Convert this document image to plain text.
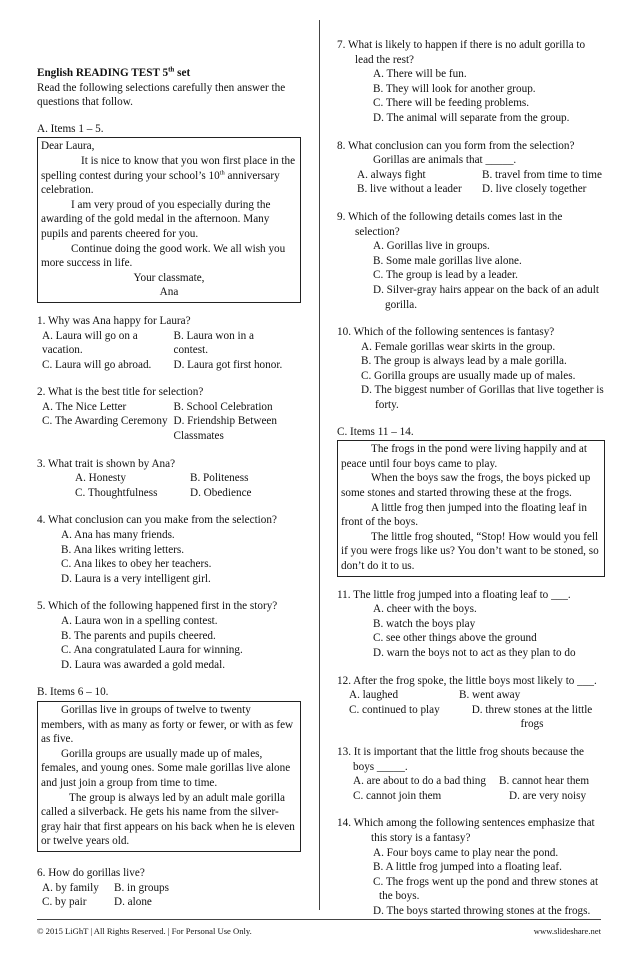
English READING TEST 5th set
Read the following selections carefully then answer the questions that follow.
A. Items 1 – 5.

Dear Laura,

It is nice to know that you won first place in the spelling contest during your school’s 10th anniversary celebration.

I am very proud of you especially during the awarding of the gold medal in the afternoon. Many pupils and parents cheered for you.

Continue doing the good work. We all wish you more success in life.

Your classmate,

Ana

1. Why was Ana happy for Laura?
A. Laura will go on a vacation.
B. Laura won in a contest.
C. Laura will go abroad.	D. Laura got first honor.
2. What is the best title for selection?
A. The Nice Letter	B. School Celebration
C. The Awarding Ceremony D. Friendship Between Classmates
3. What trait is shown by Ana?
A. Honesty	B. Politeness
C. Thoughtfulness	D. Obedience
4. What conclusion can you make from the selection?
A. Ana has many friends.
B. Ana likes writing letters.
C. Ana likes to obey her teachers.
D. Laura is a very intelligent girl.
5. Which of the following happened first in the story?
A. Laura won in a spelling contest.
B. The parents and pupils cheered.
C. Ana congratulated Laura for winning.
D. Laura was awarded a gold medal.
B. Items 6 – 10.

Gorillas live in groups of twelve to twenty members, with as many as forty or fewer, or with as few as five.

Gorilla groups are usually made up of males, females, and young ones. Some male gorillas live alone and just join a group from time to time.

The group is always led by an adult male gorilla called a silverback. He gets his name from the silver-gray hair that first appears on his back when he is eleven or twelve years old.

6. How do gorillas live?
A. by family	B. in groups
C. by pair	D. alone
7. What is likely to happen if there is no adult gorilla to lead the rest?
A. There will be fun.
B. They will look for another group.
C. There will be feeding problems.
D. The animal will separate from the group.
8. What conclusion can you form from the selection?
Gorillas are animals that _____.
A. always fight	B. travel from time to time
B. live without a leader	D. live closely together
9. Which of the following details comes last in the selection?
A. Gorillas live in groups.
B. Some male gorillas live alone.
C. The group is lead by a leader.
D. Silver-gray hairs appear on the back of an adult gorilla.
10. Which of the following sentences is fantasy?
A. Female gorillas wear skirts in the group.
B. The group is always lead by a male gorilla.
C. Gorilla groups are usually made up of males.
D. The biggest number of Gorillas that live together is forty.
C. Items 11 – 14.

The frogs in the pond were living happily and at peace until four boys came to play.

When the boys saw the frogs, the boys picked up some stones and started throwing these at the frogs.

A little frog then jumped into the floating leaf in front of the boys.

The little frog shouted, “Stop! How would you fell if you were frogs like us? You don’t want to be stoned, so don’t do it to us.

11. The little frog jumped into a floating leaf to ___.
A. cheer with the boys.
B. watch the boys play
C. see other things above the ground
D. warn the boys not to act as they plan to do
12. After the frog spoke, the little boys most likely to ___.
A. laughed	B. went away
C. continued to play	D. threw stones at the little frogs
13. It is important that the little frog shouts because the boys _____.
A. are about to do a bad thing	B. cannot hear them
C. cannot join them	D. are very noisy
14. Which among the following sentences emphasize that this story is a fantasy?
A. Four boys came to play near the pond.
B. A little frog jumped into a floating leaf.
C. The frogs went up the pond and threw stones at the boys.
D. The boys started throwing stones at the frogs.
© 2015 LiGhT | All Rights Reserved. | For Personal Use Only.	www.slideshare.net
